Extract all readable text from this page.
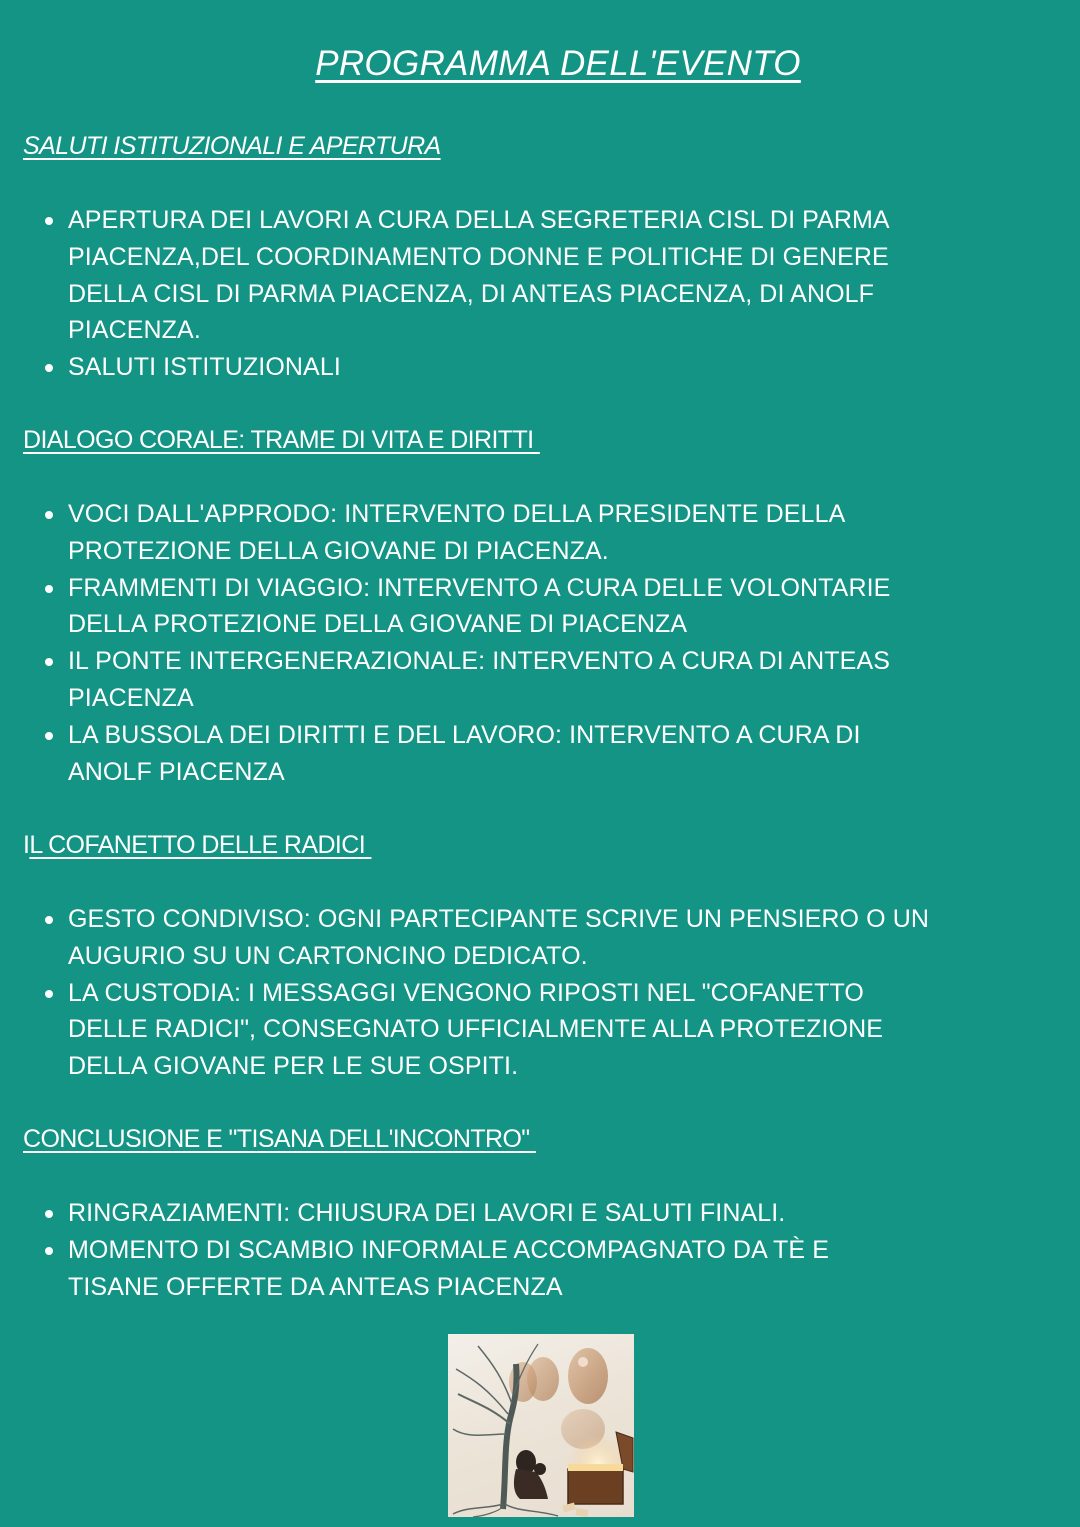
PROGRAMMA DELL'EVENTO
SALUTI ISTITUZIONALI E APERTURA
APERTURA DEI LAVORI A CURA DELLA SEGRETERIA CISL DI PARMA
PIACENZA,DEL COORDINAMENTO DONNE E POLITICHE DI GENERE
DELLA CISL DI PARMA PIACENZA, DI ANTEAS PIACENZA, DI ANOLF
PIACENZA.
SALUTI ISTITUZIONALI
DIALOGO CORALE: TRAME DI VITA E DIRITTI
VOCI DALL'APPRODO: INTERVENTO DELLA PRESIDENTE DELLA
PROTEZIONE DELLA GIOVANE DI PIACENZA.
FRAMMENTI DI VIAGGIO: INTERVENTO A CURA DELLE VOLONTARIE
DELLA PROTEZIONE DELLA GIOVANE DI PIACENZA
IL PONTE INTERGENERAZIONALE: INTERVENTO A CURA DI ANTEAS
PIACENZA
LA BUSSOLA DEI DIRITTI E DEL LAVORO: INTERVENTO A CURA DI
ANOLF PIACENZA
IL COFANETTO DELLE RADICI
GESTO CONDIVISO: OGNI PARTECIPANTE SCRIVE UN PENSIERO O UN
AUGURIO SU UN CARTONCINO DEDICATO.
LA CUSTODIA: I MESSAGGI VENGONO RIPOSTI NEL "COFANETTO
DELLE RADICI", CONSEGNATO UFFICIALMENTE ALLA PROTEZIONE
DELLA GIOVANE PER LE SUE OSPITI.
CONCLUSIONE E "TISANA DELL'INCONTRO"
RINGRAZIAMENTI: CHIUSURA DEI LAVORI E SALUTI FINALI.
MOMENTO DI SCAMBIO INFORMALE ACCOMPAGNATO DA TÈ E
TISANE OFFERTE DA ANTEAS PIACENZA
